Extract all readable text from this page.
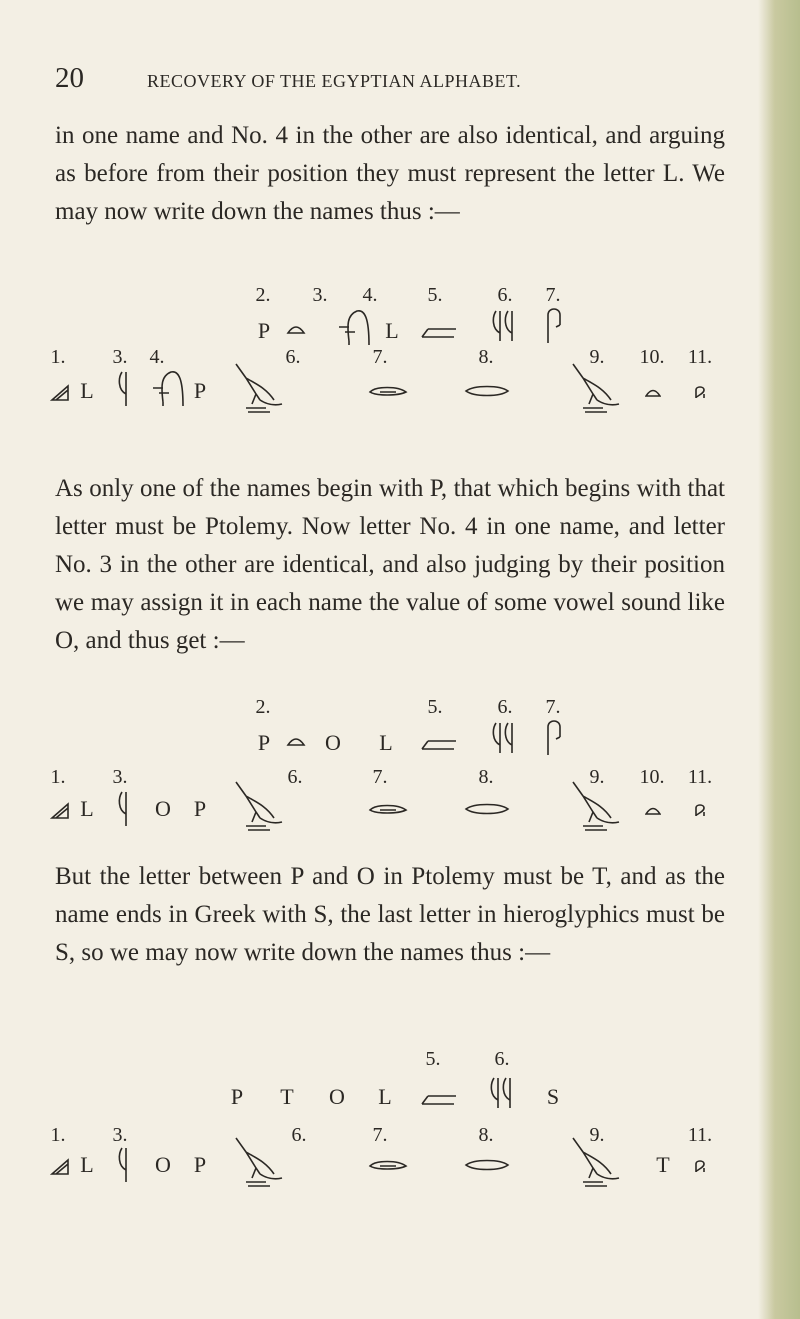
20	RECOVERY OF THE EGYPTIAN ALPHABET.

in one name and No. 4 in the other are also identical, and arguing as before from their position they must represent the letter L. We may now write down the names thus :—

2. 3. 4.	5.	6. 7.
P	L
1. 3. 4.	6.	7.	8.	9. 10. 11.
L	P

As only one of the names begin with P, that which begins with that letter must be Ptolemy. Now letter No. 4 in one name, and letter No. 3 in the other are identical, and also judging by their position we may assign it in each name the value of some vowel sound like O, and thus get :—

2.	5.	6. 7.
P O L
1. 3.	6.	7.	8.	9. 10. 11.
L	O P

But the letter between P and O in Ptolemy must be T, and as the name ends in Greek with S, the last letter in hieroglyphics must be S, so we may now write down the names thus :—

5.	6.
P T O L	S
1. 3.	6.	7.	8.	9.	11.
L	O P	T
